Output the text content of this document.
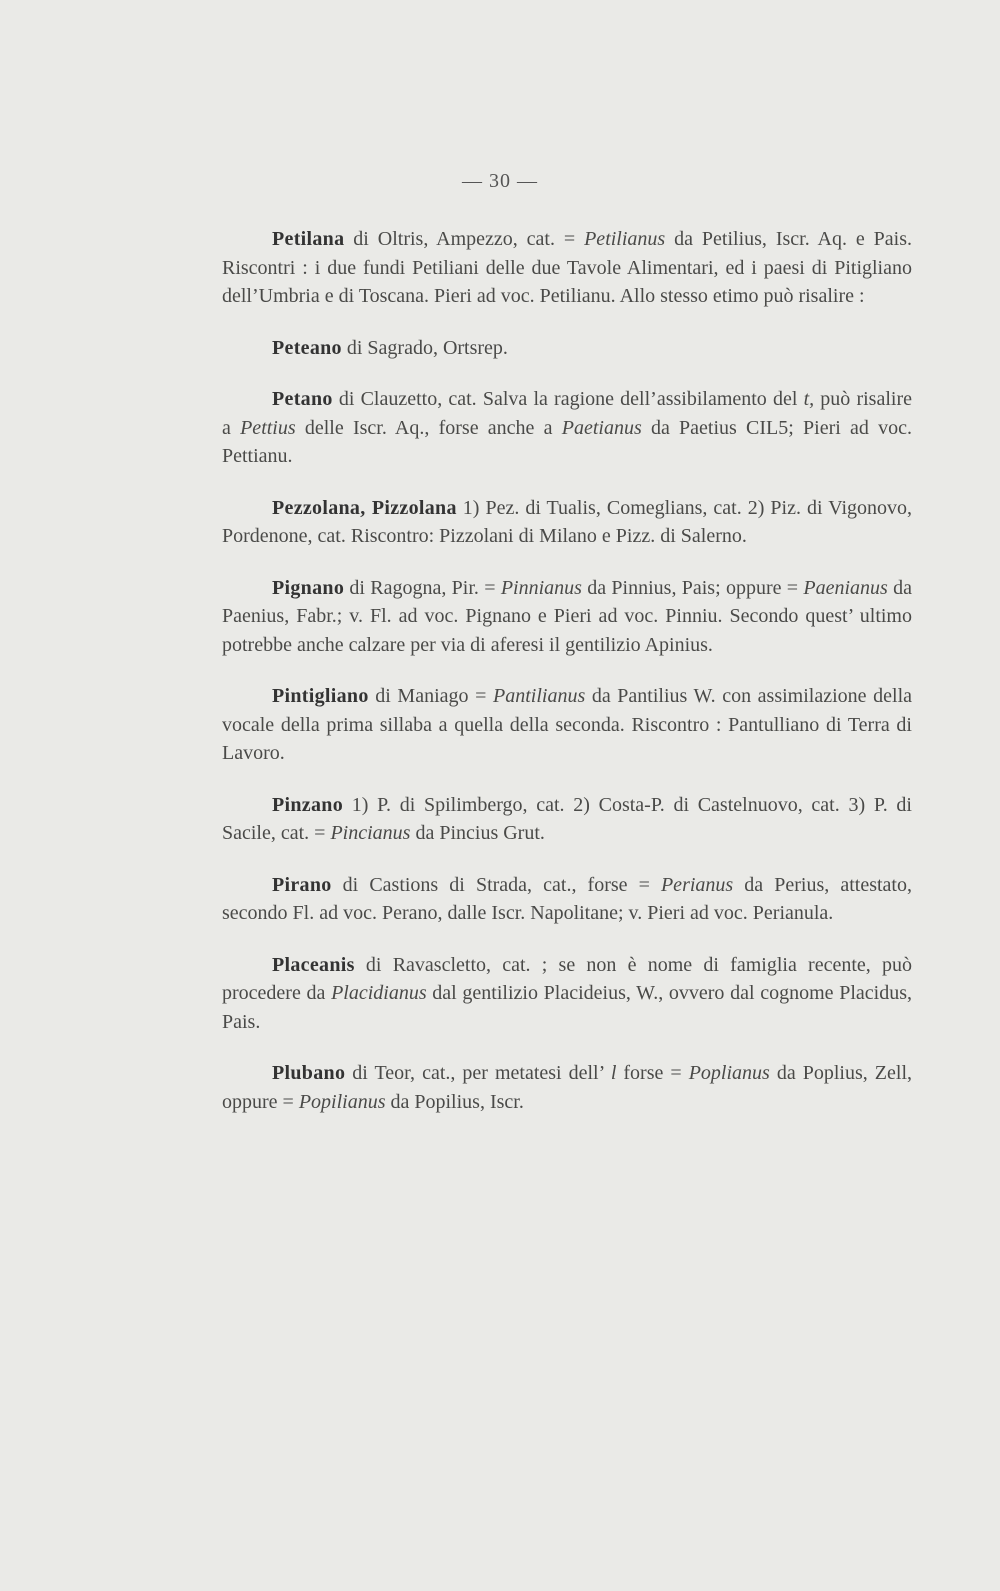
— 30 —

Petilana di Oltris, Ampezzo, cat. = Petilianus da Petilius, Iscr. Aq. e Pais. Riscontri : i due fundi Petiliani delle due Tavole Alimentari, ed i paesi di Pitigliano dell’Umbria e di Toscana. Pieri ad voc. Petilianu. Allo stesso etimo può risalire :

Peteano di Sagrado, Ortsrep.

Petano di Clauzetto, cat. Salva la ragione dell’assibilamento del t, può risalire a Pettius delle Iscr. Aq., forse anche a Paetianus da Paetius CIL5; Pieri ad voc. Pettianu.

Pezzolana, Pizzolana 1) Pez. di Tualis, Comeglians, cat. 2) Piz. di Vigonovo, Pordenone, cat. Riscontro: Pizzolani di Milano e Pizz. di Salerno.

Pignano di Ragogna, Pir. = Pinnianus da Pinnius, Pais; oppure = Paenianus da Paenius, Fabr.; v. Fl. ad voc. Pignano e Pieri ad voc. Pinniu. Secondo quest’ ultimo potrebbe anche calzare per via di aferesi il gentilizio Apinius.

Pintigliano di Maniago = Pantilianus da Pantilius W. con assimilazione della vocale della prima sillaba a quella della seconda. Riscontro : Pantulliano di Terra di Lavoro.

Pinzano 1) P. di Spilimbergo, cat. 2) Costa-P. di Castelnuovo, cat. 3) P. di Sacile, cat. = Pincianus da Pincius Grut.

Pirano di Castions di Strada, cat., forse = Perianus da Perius, attestato, secondo Fl. ad voc. Perano, dalle Iscr. Napolitane; v. Pieri ad voc. Perianula.

Placeanis di Ravascletto, cat. ; se non è nome di famiglia recente, può procedere da Placidianus dal gentilizio Placideius, W., ovvero dal cognome Placidus, Pais.

Plubano di Teor, cat., per metatesi dell’ l forse = Poplianus da Poplius, Zell, oppure = Popilianus da Popilius, Iscr.
